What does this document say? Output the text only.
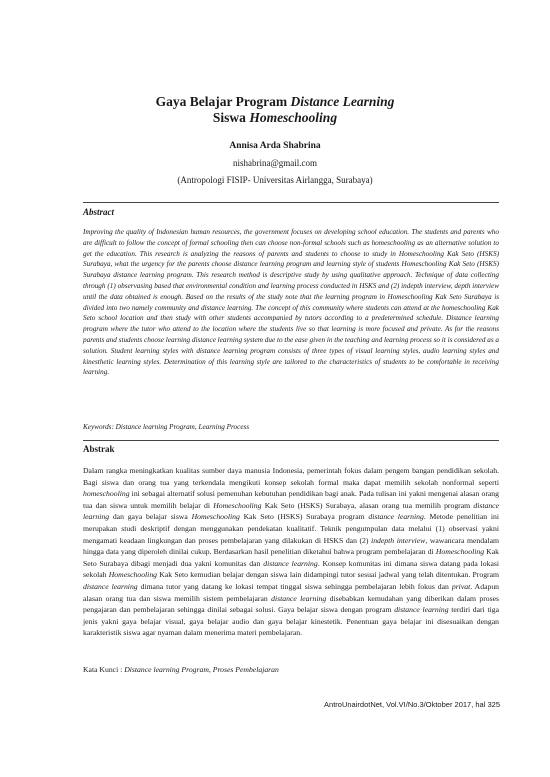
Gaya Belajar Program Distance Learning
Siswa Homeschooling
Annisa Arda Shabrina
nishabrina@gmail.com
(Antropologi FISIP- Universitas Airlangga, Surabaya)
Abstract

Improving the quality of Indonesian human resources, the government focuses on developing school education. The students and parents who are difficult to follow the concept of formal schooling then can choose non-formal schools such as homeschooling as an alternative solution to get the education. This research is analyzing the reasons of parents and students to choose to study in Homeschooling Kak Seto (HSKS) Surabaya, what the urgency for the parents choose distance learning program and learning style of students Homeschooling Kak Seto (HSKS) Surabaya distance learning program. This research method is descriptive study by using qualitative approach. Technique of data collecting through (1) observasing based that environmental condition and learning process conducted in HSKS and (2) indepth interview, depth interview until the data obtained is enough. Based on the results of the study note that the learning program in Homeschooling Kak Seto Surabaya is divided into two namely community and distance learning. The concept of this community where students can attend at the homeschooling Kak Seto school location and then study with other students accompanied by tutors according to a predetermined schedule. Distance learning program where the tutor who attend to the location where the students live so that learning is more focused and private. As for the reasons parents and students choose learning distance learning system due to the ease given in the teaching and learning process so it is considered as a solution. Student learning styles with distance learning program consists of three types of visual learning styles, audio learning styles and kinesthetic learning styles. Determination of this learning style are tailored to the characteristics of students to be comfortable in receiving learning.

Keywords: Distance learning Program, Learning Process
Abstrak

Dalam rangka meningkatkan kualitas sumber daya manusia Indonesia, pemerintah fokus dalam pengem bangan pendidikan sekolah. Bagi siswa dan orang tua yang terkendala mengikuti konsep sekolah formal maka dapat memilih sekolah nonformal seperti homeschooling ini sebagai alternatif solusi pemenuhan kebutuhan pendidikan bagi anak. Pada tulisan ini yakni mengenai alasan orang tua dan siswa untuk memilih belajar di Homeschooling Kak Seto (HSKS) Surabaya, alasan orang tua memilih program distance learning dan gaya belajar siswa Homeschooling Kak Seto (HSKS) Surabaya program distance learning. Metode penelitian ini merupakan studi deskriptif dengan menggunakan pendekatan kualitatif. Teknik pengumpulan data melalui (1) observasi yakni mengamati keadaan lingkungan dan proses pembelajaran yang dilakukan di HSKS dan (2) indepth interview, wawancara mendalam hingga data yang diperoleh dinilai cukup. Berdasarkan hasil penelitian diketahui bahwa program pembelajaran di Homeschooling Kak Seto Surabaya dibagi menjadi dua yakni komunitas dan distance learning. Konsep komunitas ini dimana siswa datang pada lokasi sekolah Homeschooling Kak Seto kemudian belajar dengan siswa lain didampingi tutor sesuai jadwal yang telah ditentukan. Program distance learning dimana tutor yang datang ke lokasi tempat tinggal siswa sehingga pembelajaran lebih fokus dan privat. Adapun alasan orang tua dan siswa memilih sistem pembelajaran distance learning disebabkan kemudahan yang diberikan dalam proses pengajaran dan pembelajaran sehingga dinilai sebagai solusi. Gaya belajar siswa dengan program distance learning terdiri dari tiga jenis yakni gaya belajar visual, gaya belajar audio dan gaya belajar kinestetik. Penentuan gaya belajar ini disesuaikan dengan karakteristik siswa agar nyaman dalam menerima materi pembelajaran.

Kata Kunci : Distance learning Program, Proses Pembelajaran
AntroUnairdotNet, Vol.VI/No.3/Oktober 2017, hal 325
